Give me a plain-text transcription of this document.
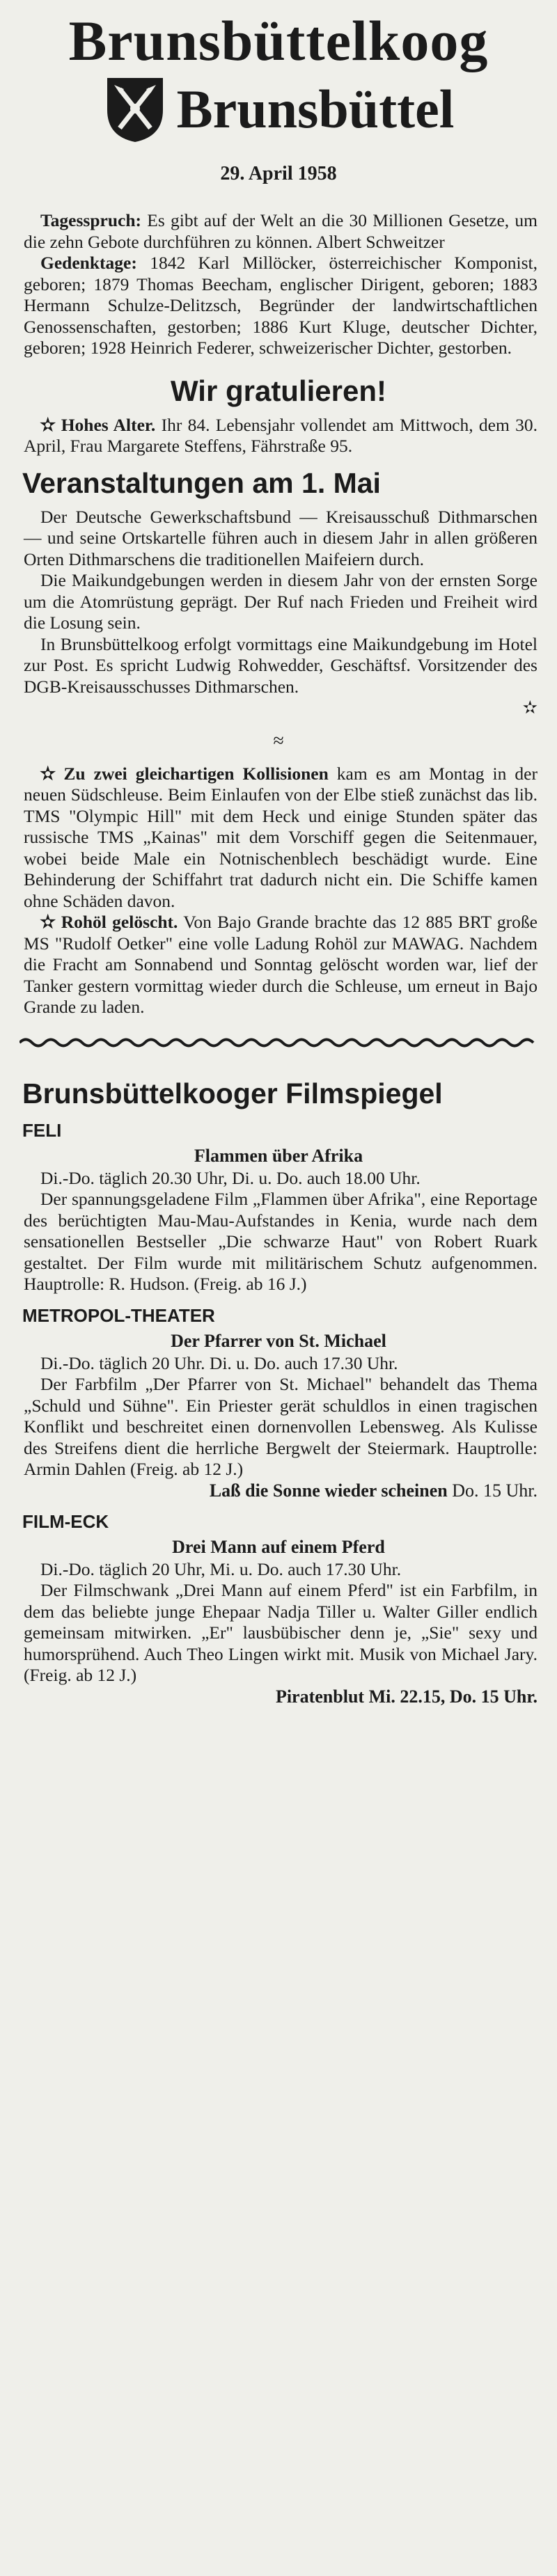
Brunsbüttelkoog
Brunsbüttel
29. April 1958

Tagesspruch: Es gibt auf der Welt an die 30 Millionen Gesetze, um die zehn Gebote durchführen zu können. Albert Schweitzer

Gedenktage: 1842 Karl Millöcker, österreichischer Komponist, geboren; 1879 Thomas Beecham, englischer Dirigent, geboren; 1883 Hermann Schulze-Delitzsch, Begründer der landwirtschaftlichen Genossenschaften, gestorben; 1886 Kurt Kluge, deutscher Dichter, geboren; 1928 Heinrich Federer, schweizerischer Dichter, gestorben.

Wir gratulieren!

✫ Hohes Alter. Ihr 84. Lebensjahr vollendet am Mittwoch, dem 30. April, Frau Margarete Steffens, Fährstraße 95.

Veranstaltungen am 1. Mai

Der Deutsche Gewerkschaftsbund — Kreisausschuß Dithmarschen — und seine Ortskartelle führen auch in diesem Jahr in allen größeren Orten Dithmarschens die traditionellen Maifeiern durch.

Die Maikundgebungen werden in diesem Jahr von der ernsten Sorge um die Atomrüstung geprägt. Der Ruf nach Frieden und Freiheit wird die Losung sein.

In Brunsbüttelkoog erfolgt vormittags eine Maikundgebung im Hotel zur Post. Es spricht Ludwig Rohwedder, Geschäftsf. Vorsitzender des DGB-Kreisausschusses Dithmarschen.

✫
≈

✫ Zu zwei gleichartigen Kollisionen kam es am Montag in der neuen Südschleuse. Beim Einlaufen von der Elbe stieß zunächst das lib. TMS "Olympic Hill" mit dem Heck und einige Stunden später das russische TMS „Kainas" mit dem Vorschiff gegen die Seitenmauer, wobei beide Male ein Notnischenblech beschädigt wurde. Eine Behinderung der Schiffahrt trat dadurch nicht ein. Die Schiffe kamen ohne Schäden davon.

✫ Rohöl gelöscht. Von Bajo Grande brachte das 12 885 BRT große MS "Rudolf Oetker" eine volle Ladung Rohöl zur MAWAG. Nachdem die Fracht am Sonnabend und Sonntag gelöscht worden war, lief der Tanker gestern vormittag wieder durch die Schleuse, um erneut in Bajo Grande zu laden.

Brunsbüttelkooger Filmspiegel
FELI
Flammen über Afrika

Di.-Do. täglich 20.30 Uhr, Di. u. Do. auch 18.00 Uhr.

Der spannungsgeladene Film „Flammen über Afrika", eine Reportage des berüchtigten Mau-Mau-Aufstandes in Kenia, wurde nach dem sensationellen Bestseller „Die schwarze Haut" von Robert Ruark gestaltet. Der Film wurde mit militärischem Schutz aufgenommen. Hauptrolle: R. Hudson. (Freig. ab 16 J.)

METROPOL-THEATER
Der Pfarrer von St. Michael

Di.-Do. täglich 20 Uhr. Di. u. Do. auch 17.30 Uhr.

Der Farbfilm „Der Pfarrer von St. Michael" behandelt das Thema „Schuld und Sühne". Ein Priester gerät schuldlos in einen tragischen Konflikt und beschreitet einen dornenvollen Lebensweg. Als Kulisse des Streifens dient die herrliche Bergwelt der Steiermark. Hauptrolle: Armin Dahlen (Freig. ab 12 J.)

Laß die Sonne wieder scheinen Do. 15 Uhr.
FILM-ECK
Drei Mann auf einem Pferd

Di.-Do. täglich 20 Uhr, Mi. u. Do. auch 17.30 Uhr.

Der Filmschwank „Drei Mann auf einem Pferd" ist ein Farbfilm, in dem das beliebte junge Ehepaar Nadja Tiller u. Walter Giller endlich gemeinsam mitwirken. „Er" lausbübischer denn je, „Sie" sexy und humorsprühend. Auch Theo Lingen wirkt mit. Musik von Michael Jary. (Freig. ab 12 J.)

Piratenblut Mi. 22.15, Do. 15 Uhr.
